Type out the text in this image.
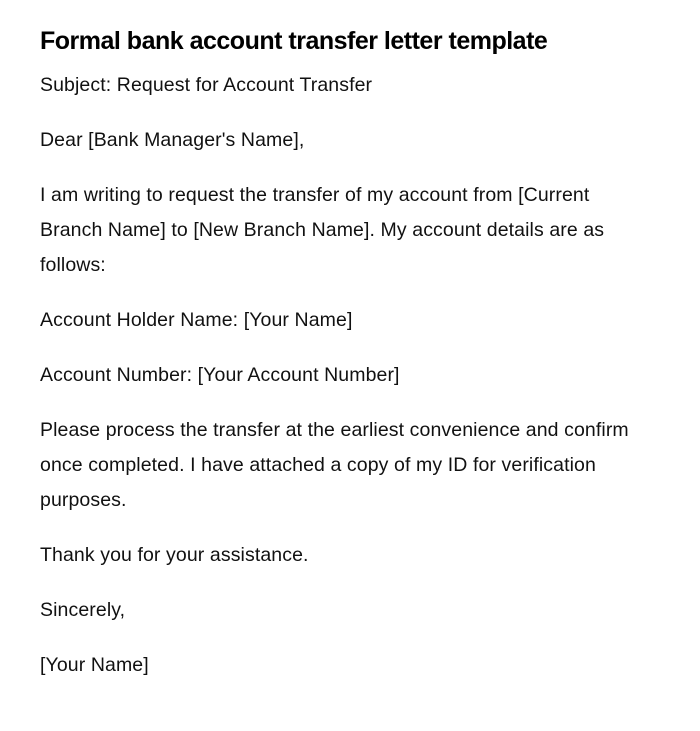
Formal bank account transfer letter template

Subject: Request for Account Transfer

Dear [Bank Manager's Name],

I am writing to request the transfer of my account from [Current Branch Name] to [New Branch Name]. My account details are as follows:

Account Holder Name: [Your Name]

Account Number: [Your Account Number]

Please process the transfer at the earliest convenience and confirm once completed. I have attached a copy of my ID for verification purposes.

Thank you for your assistance.

Sincerely,

[Your Name]
